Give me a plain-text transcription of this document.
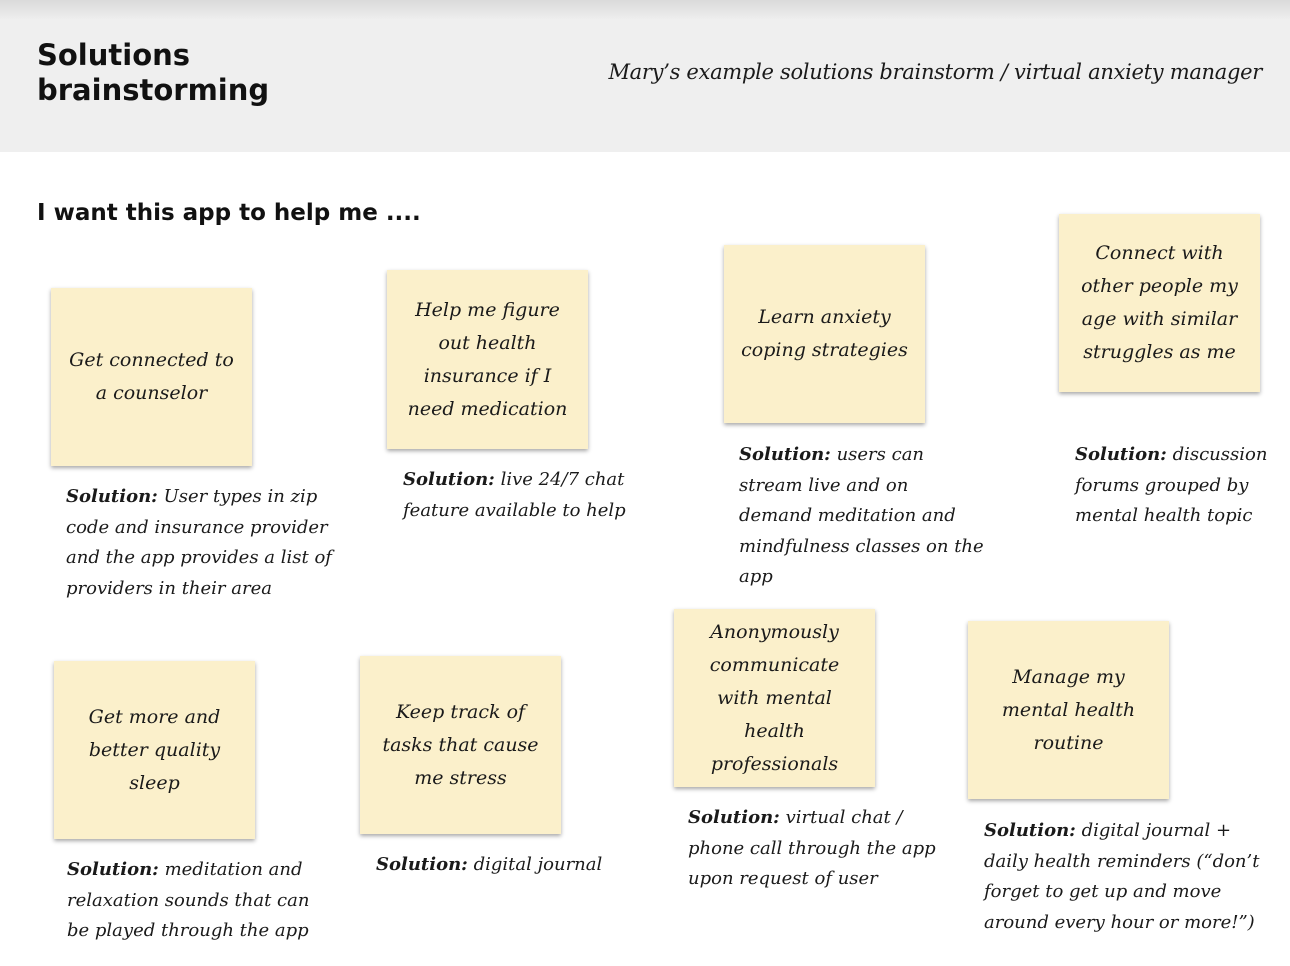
Solutions brainstorming
Mary’s example solutions brainstorm / virtual anxiety manager
I want this app to help me ....
Get connected to a counselor
Solution: User types in zip code and insurance provider and the app provides a list of providers in their area
Help me figure out health insurance if I need medication
Solution: live 24/7 chat feature available to help
Learn anxiety coping strategies
Solution: users can stream live and on demand meditation and mindfulness classes on the app
Connect with other people my age with similar struggles as me
Solution: discussion forums grouped by mental health topic
Get more and better quality sleep
Solution: meditation and relaxation sounds that can be played through the app
Keep track of tasks that cause me stress
Solution: digital journal
Anonymously communicate with mental health professionals
Solution: virtual chat / phone call through the app upon request of user
Manage my mental health routine
Solution: digital journal + daily health reminders (“don’t forget to get up and move around every hour or more!”)
